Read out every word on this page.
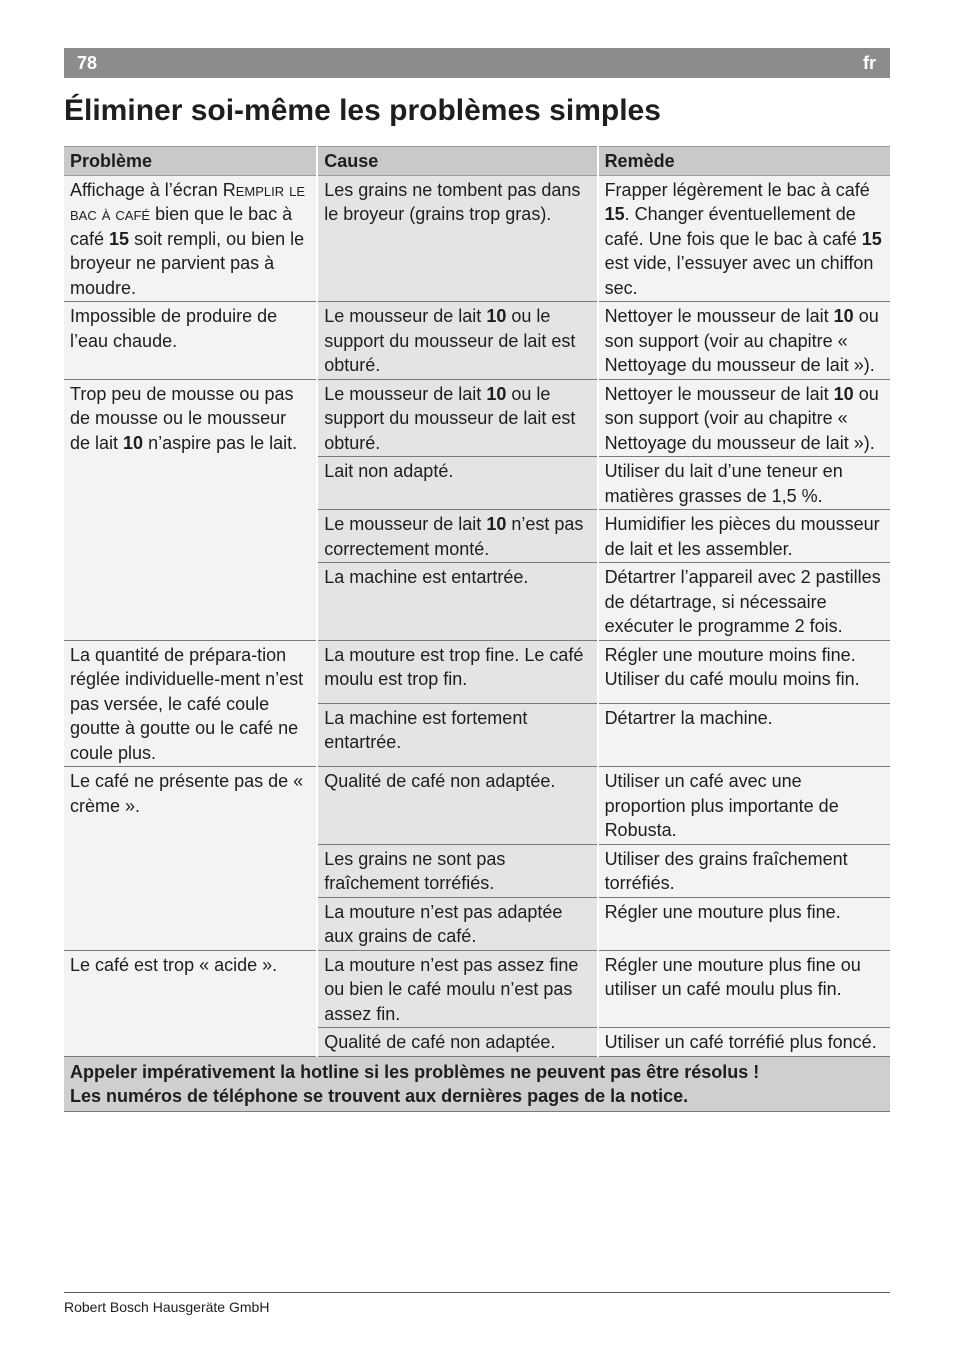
78	fr
Éliminer soi-même les problèmes simples
Problème	Cause	Remède
Affichage à l’écran Remplir le bac à café bien que le bac à café 15 soit rempli, ou bien le broyeur ne parvient pas à moudre.	Les grains ne tombent pas dans le broyeur (grains trop gras).	Frapper légèrement le bac à café 15. Changer éventuellement de café. Une fois que le bac à café 15 est vide, l’essuyer avec un chiffon sec.
Impossible de produire de l’eau chaude.	Le mousseur de lait 10 ou le support du mousseur de lait est obturé.	Nettoyer le mousseur de lait 10 ou son support (voir au chapitre « Nettoyage du mousseur de lait »).
Trop peu de mousse ou pas de mousse ou le mousseur de lait 10 n’aspire pas le lait.	Le mousseur de lait 10 ou le support du mousseur de lait est obturé.	Nettoyer le mousseur de lait 10 ou son support (voir au chapitre « Nettoyage du mousseur de lait »).
	Lait non adapté.	Utiliser du lait d’une teneur en matières grasses de 1,5 %.
	Le mousseur de lait 10 n’est pas correctement monté.	Humidifier les pièces du mousseur de lait et les assembler.
	La machine est entartrée.	Détartrer l’appareil avec 2 pastilles de détartrage, si nécessaire exécuter le programme 2 fois.
La quantité de prépara-tion réglée individuelle-ment n’est pas versée, le café coule goutte à goutte ou le café ne coule plus.	La mouture est trop fine. Le café moulu est trop fin.	Régler une mouture moins fine. Utiliser du café moulu moins fin.
	La machine est fortement entartrée.	Détartrer la machine.
Le café ne présente pas de « crème ».	Qualité de café non adaptée.	Utiliser un café avec une proportion plus importante de Robusta.
	Les grains ne sont pas fraîchement torréfiés.	Utiliser des grains fraîchement torréfiés.
	La mouture n’est pas adaptée aux grains de café.	Régler une mouture plus fine.
Le café est trop « acide ».	La mouture n’est pas assez fine ou bien le café moulu n’est pas assez fin.	Régler une mouture plus fine ou utiliser un café moulu plus fin.
	Qualité de café non adaptée.	Utiliser un café torréfié plus foncé.

Appeler impérativement la hotline si les problèmes ne peuvent pas être résolus !
Les numéros de téléphone se trouvent aux dernières pages de la notice.		
Robert Bosch Hausgeräte GmbH
